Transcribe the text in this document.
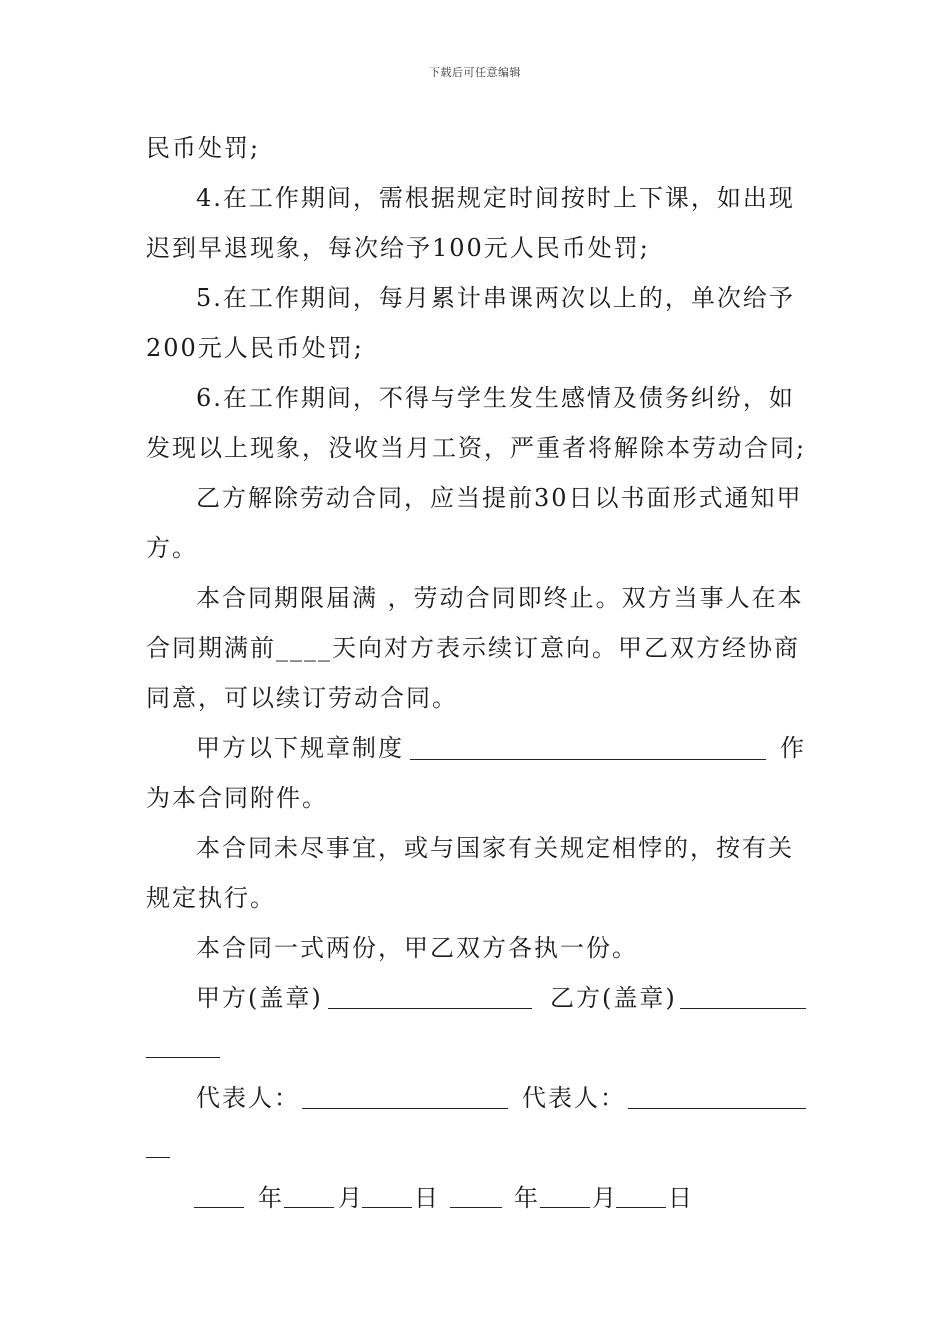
下载后可任意编辑
民币处罚;
4.在工作期间，需根据规定时间按时上下课，如出现
迟到早退现象，每次给予100元人民币处罚;
5.在工作期间，每月累计串课两次以上的，单次给予
200元人民币处罚;
6.在工作期间，不得与学生发生感情及债务纠纷，如
发现以上现象，没收当月工资，严重者将解除本劳动合同;
乙方解除劳动合同，应当提前30日以书面形式通知甲
方。
本合同期限届满 ，劳动合同即终止。双方当事人在本
合同期满前____天向对方表示续订意向。甲乙双方经协商
同意，可以续订劳动合同。
甲方以下规章制度	作
为本合同附件。
本合同未尽事宜，或与国家有关规定相悖的，按有关
规定执行。
本合同一式两份，甲乙双方各执一份。
甲方(盖章)	乙方(盖章)
代表人：	代表人：
年 月 日	年 月 日
